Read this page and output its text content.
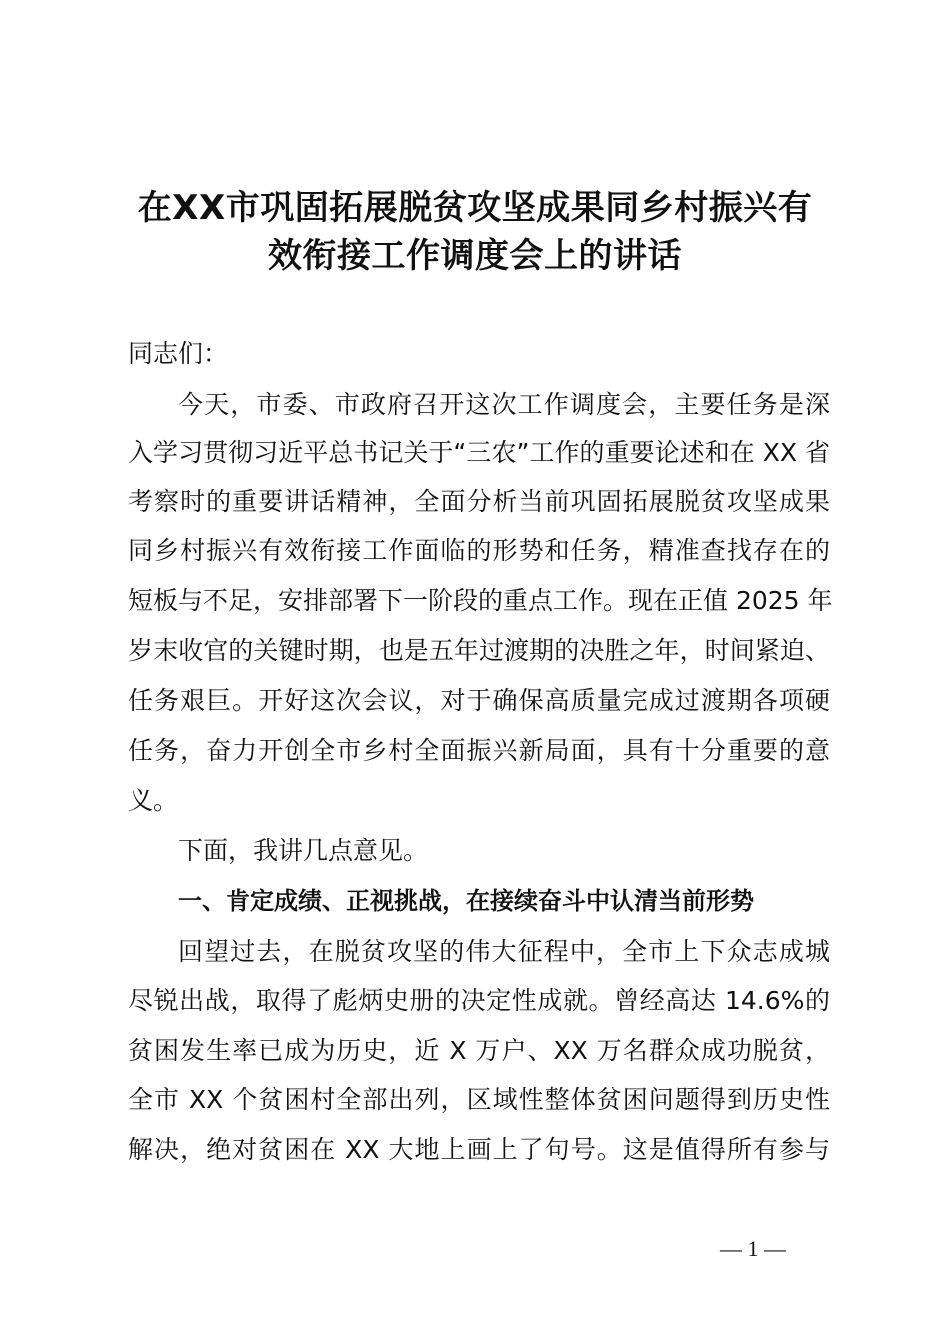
在XX市巩固拓展脱贫攻坚成果同乡村振兴有
效衔接工作调度会上的讲话
同志们：
今天，市委、市政府召开这次工作调度会，主要任务是深
入学习贯彻习近平总书记关于“三农”工作的重要论述和在 XX 省
考察时的重要讲话精神，全面分析当前巩固拓展脱贫攻坚成果
同乡村振兴有效衔接工作面临的形势和任务，精准查找存在的
短板与不足，安排部署下一阶段的重点工作。现在正值 2025 年
岁末收官的关键时期，也是五年过渡期的决胜之年，时间紧迫、
任务艰巨。开好这次会议，对于确保高质量完成过渡期各项硬
任务，奋力开创全市乡村全面振兴新局面，具有十分重要的意
义。
下面，我讲几点意见。
一、肯定成绩、正视挑战，在接续奋斗中认清当前形势
回望过去，在脱贫攻坚的伟大征程中，全市上下众志成城
尽锐出战，取得了彪炳史册的决定性成就。曾经高达 14.6%的
贫困发生率已成为历史，近 X 万户、XX 万名群众成功脱贫，
全市 XX 个贫困村全部出列，区域性整体贫困问题得到历史性
解决，绝对贫困在 XX 大地上画上了句号。这是值得所有参与
— 1 —
